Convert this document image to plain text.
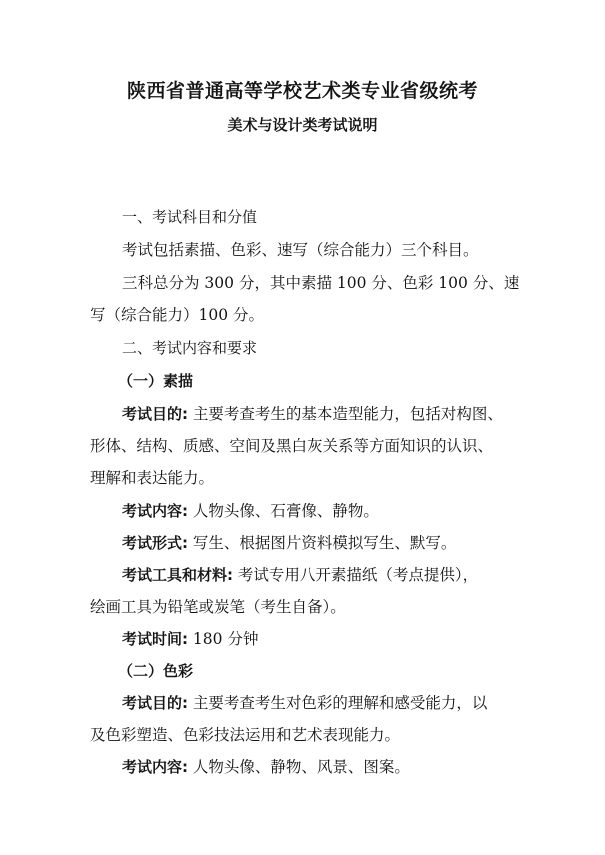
陕西省普通高等学校艺术类专业省级统考
美术与设计类考试说明
一、考试科目和分值
考试包括素描、色彩、速写（综合能力）三个科目。
三科总分为 300 分，其中素描 100 分、色彩 100 分、速
写（综合能力）100 分。
二、考试内容和要求
（一）素描
考试目的: 主要考查考生的基本造型能力，包括对构图、
形体、结构、质感、空间及黑白灰关系等方面知识的认识、
理解和表达能力。
考试内容: 人物头像、石膏像、静物。
考试形式: 写生、根据图片资料模拟写生、默写。
考试工具和材料: 考试专用八开素描纸（考点提供），
绘画工具为铅笔或炭笔（考生自备）。
考试时间: 180 分钟
（二）色彩
考试目的: 主要考查考生对色彩的理解和感受能力，以
及色彩塑造、色彩技法运用和艺术表现能力。
考试内容: 人物头像、静物、风景、图案。
